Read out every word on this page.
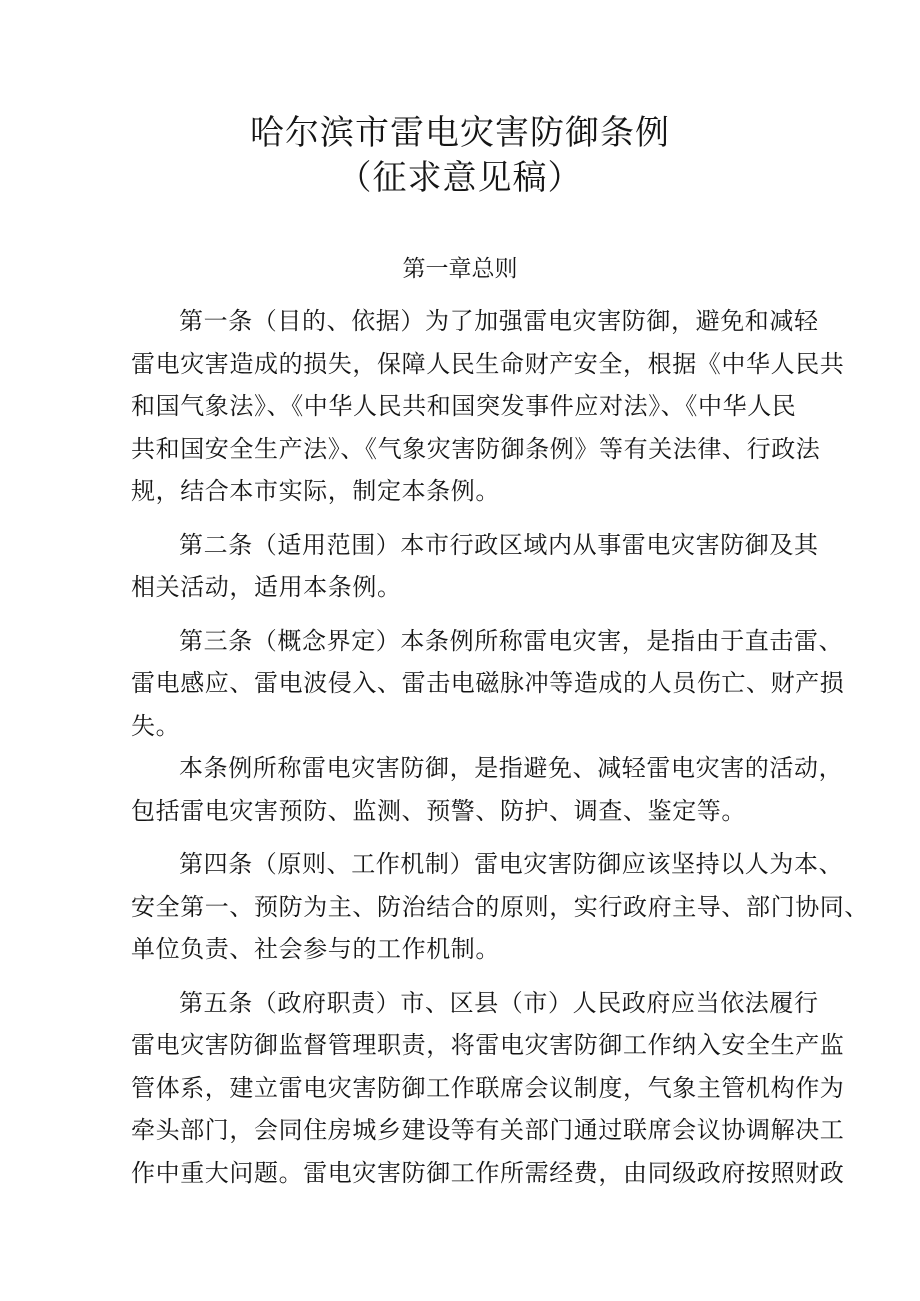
哈尔滨市雷电灾害防御条例
（征求意见稿）
第一章总则

第一条（目的、依据）为了加强雷电灾害防御，避免和减轻
雷电灾害造成的损失，保障人民生命财产安全，根据《中华人民共
和国气象法》、《中华人民共和国突发事件应对法》、《中华人民
共和国安全生产法》、《气象灾害防御条例》等有关法律、行政法
规，结合本市实际，制定本条例。

第二条（适用范围）本市行政区域内从事雷电灾害防御及其
相关活动，适用本条例。

第三条（概念界定）本条例所称雷电灾害，是指由于直击雷、
雷电感应、雷电波侵入、雷击电磁脉冲等造成的人员伤亡、财产损
失。

本条例所称雷电灾害防御，是指避免、减轻雷电灾害的活动，
包括雷电灾害预防、监测、预警、防护、调查、鉴定等。

第四条（原则、工作机制）雷电灾害防御应该坚持以人为本、
安全第一、预防为主、防治结合的原则，实行政府主导、部门协同、
单位负责、社会参与的工作机制。

第五条（政府职责）市、区县（市）人民政府应当依法履行
雷电灾害防御监督管理职责，将雷电灾害防御工作纳入安全生产监
管体系，建立雷电灾害防御工作联席会议制度，气象主管机构作为
牵头部门，会同住房城乡建设等有关部门通过联席会议协调解决工
作中重大问题。雷电灾害防御工作所需经费，由同级政府按照财政
